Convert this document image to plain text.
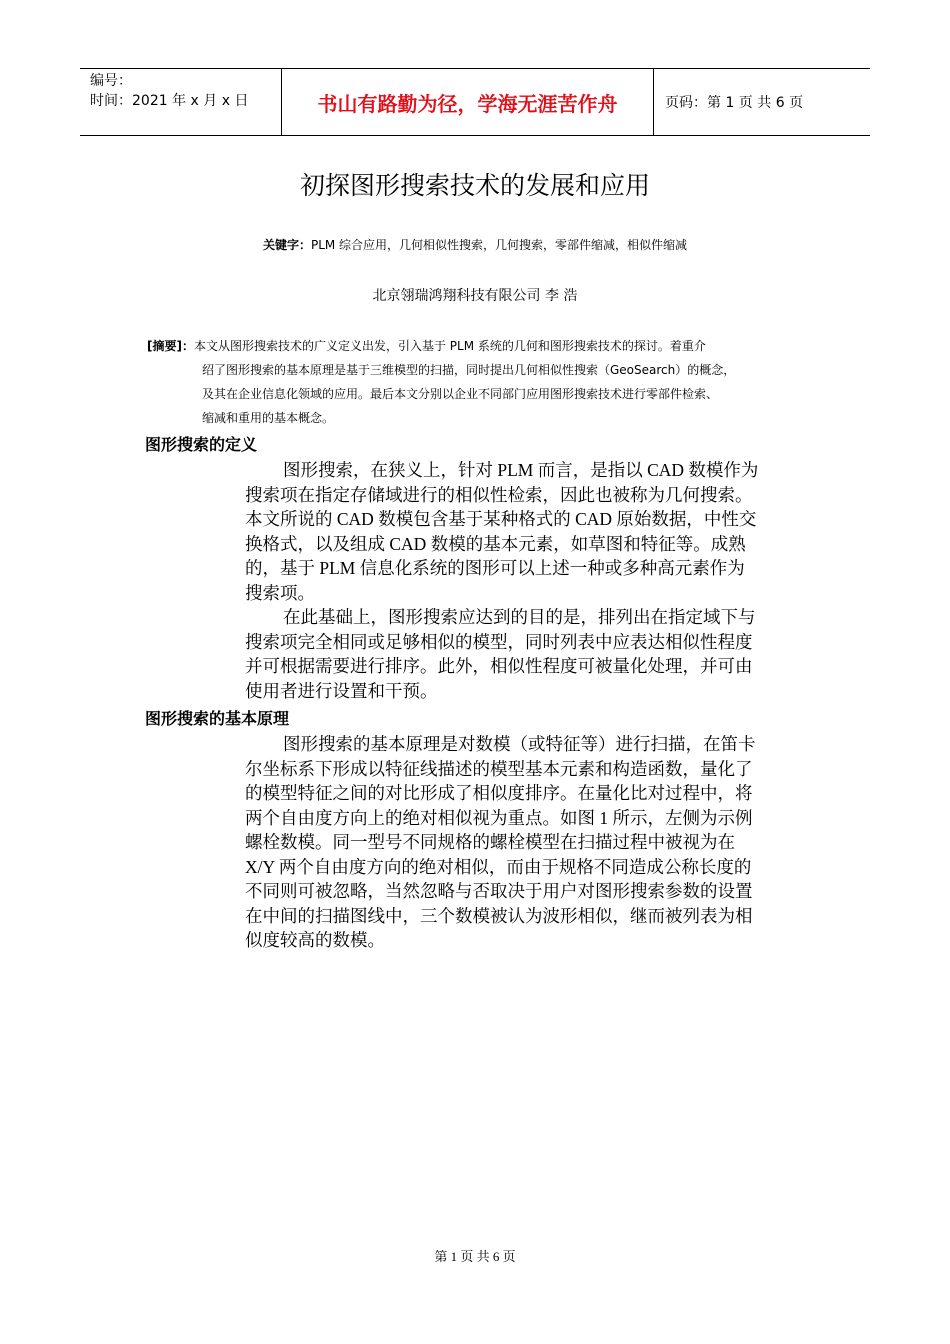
编号：
时间：2021 年 x 月 x 日	书山有路勤为径，学海无涯苦作舟	页码：第 1 页 共 6 页
初探图形搜索技术的发展和应用
关键字：PLM 综合应用，几何相似性搜索，几何搜索，零部件缩减，相似件缩减
北京翎瑞鸿翔科技有限公司 李 浩
[摘要]：本文从图形搜索技术的广义定义出发，引入基于 PLM 系统的几何和图形搜索技术的探讨。着重介
绍了图形搜索的基本原理是基于三维模型的扫描，同时提出几何相似性搜索（GeoSearch）的概念，
及其在企业信息化领域的应用。最后本文分别以企业不同部门应用图形搜索技术进行零部件检索、
缩减和重用的基本概念。
图形搜索的定义
图形搜索，在狭义上，针对 PLM 而言，是指以 CAD 数模作为
搜索项在指定存储域进行的相似性检索，因此也被称为几何搜索。
本文所说的 CAD 数模包含基于某种格式的 CAD 原始数据，中性交
换格式，以及组成 CAD 数模的基本元素，如草图和特征等。成熟
的，基于 PLM 信息化系统的图形可以上述一种或多种高元素作为
搜索项。
在此基础上，图形搜索应达到的目的是，排列出在指定域下与
搜索项完全相同或足够相似的模型，同时列表中应表达相似性程度
并可根据需要进行排序。此外，相似性程度可被量化处理，并可由
使用者进行设置和干预。
图形搜索的基本原理
图形搜索的基本原理是对数模（或特征等）进行扫描，在笛卡
尔坐标系下形成以特征线描述的模型基本元素和构造函数，量化了
的模型特征之间的对比形成了相似度排序。在量化比对过程中，将
两个自由度方向上的绝对相似视为重点。如图 1 所示，左侧为示例
螺栓数模。同一型号不同规格的螺栓模型在扫描过程中被视为在
X/Y 两个自由度方向的绝对相似，而由于规格不同造成公称长度的
不同则可被忽略，当然忽略与否取决于用户对图形搜索参数的设置
在中间的扫描图线中，三个数模被认为波形相似，继而被列表为相
似度较高的数模。
第 1 页 共 6 页
